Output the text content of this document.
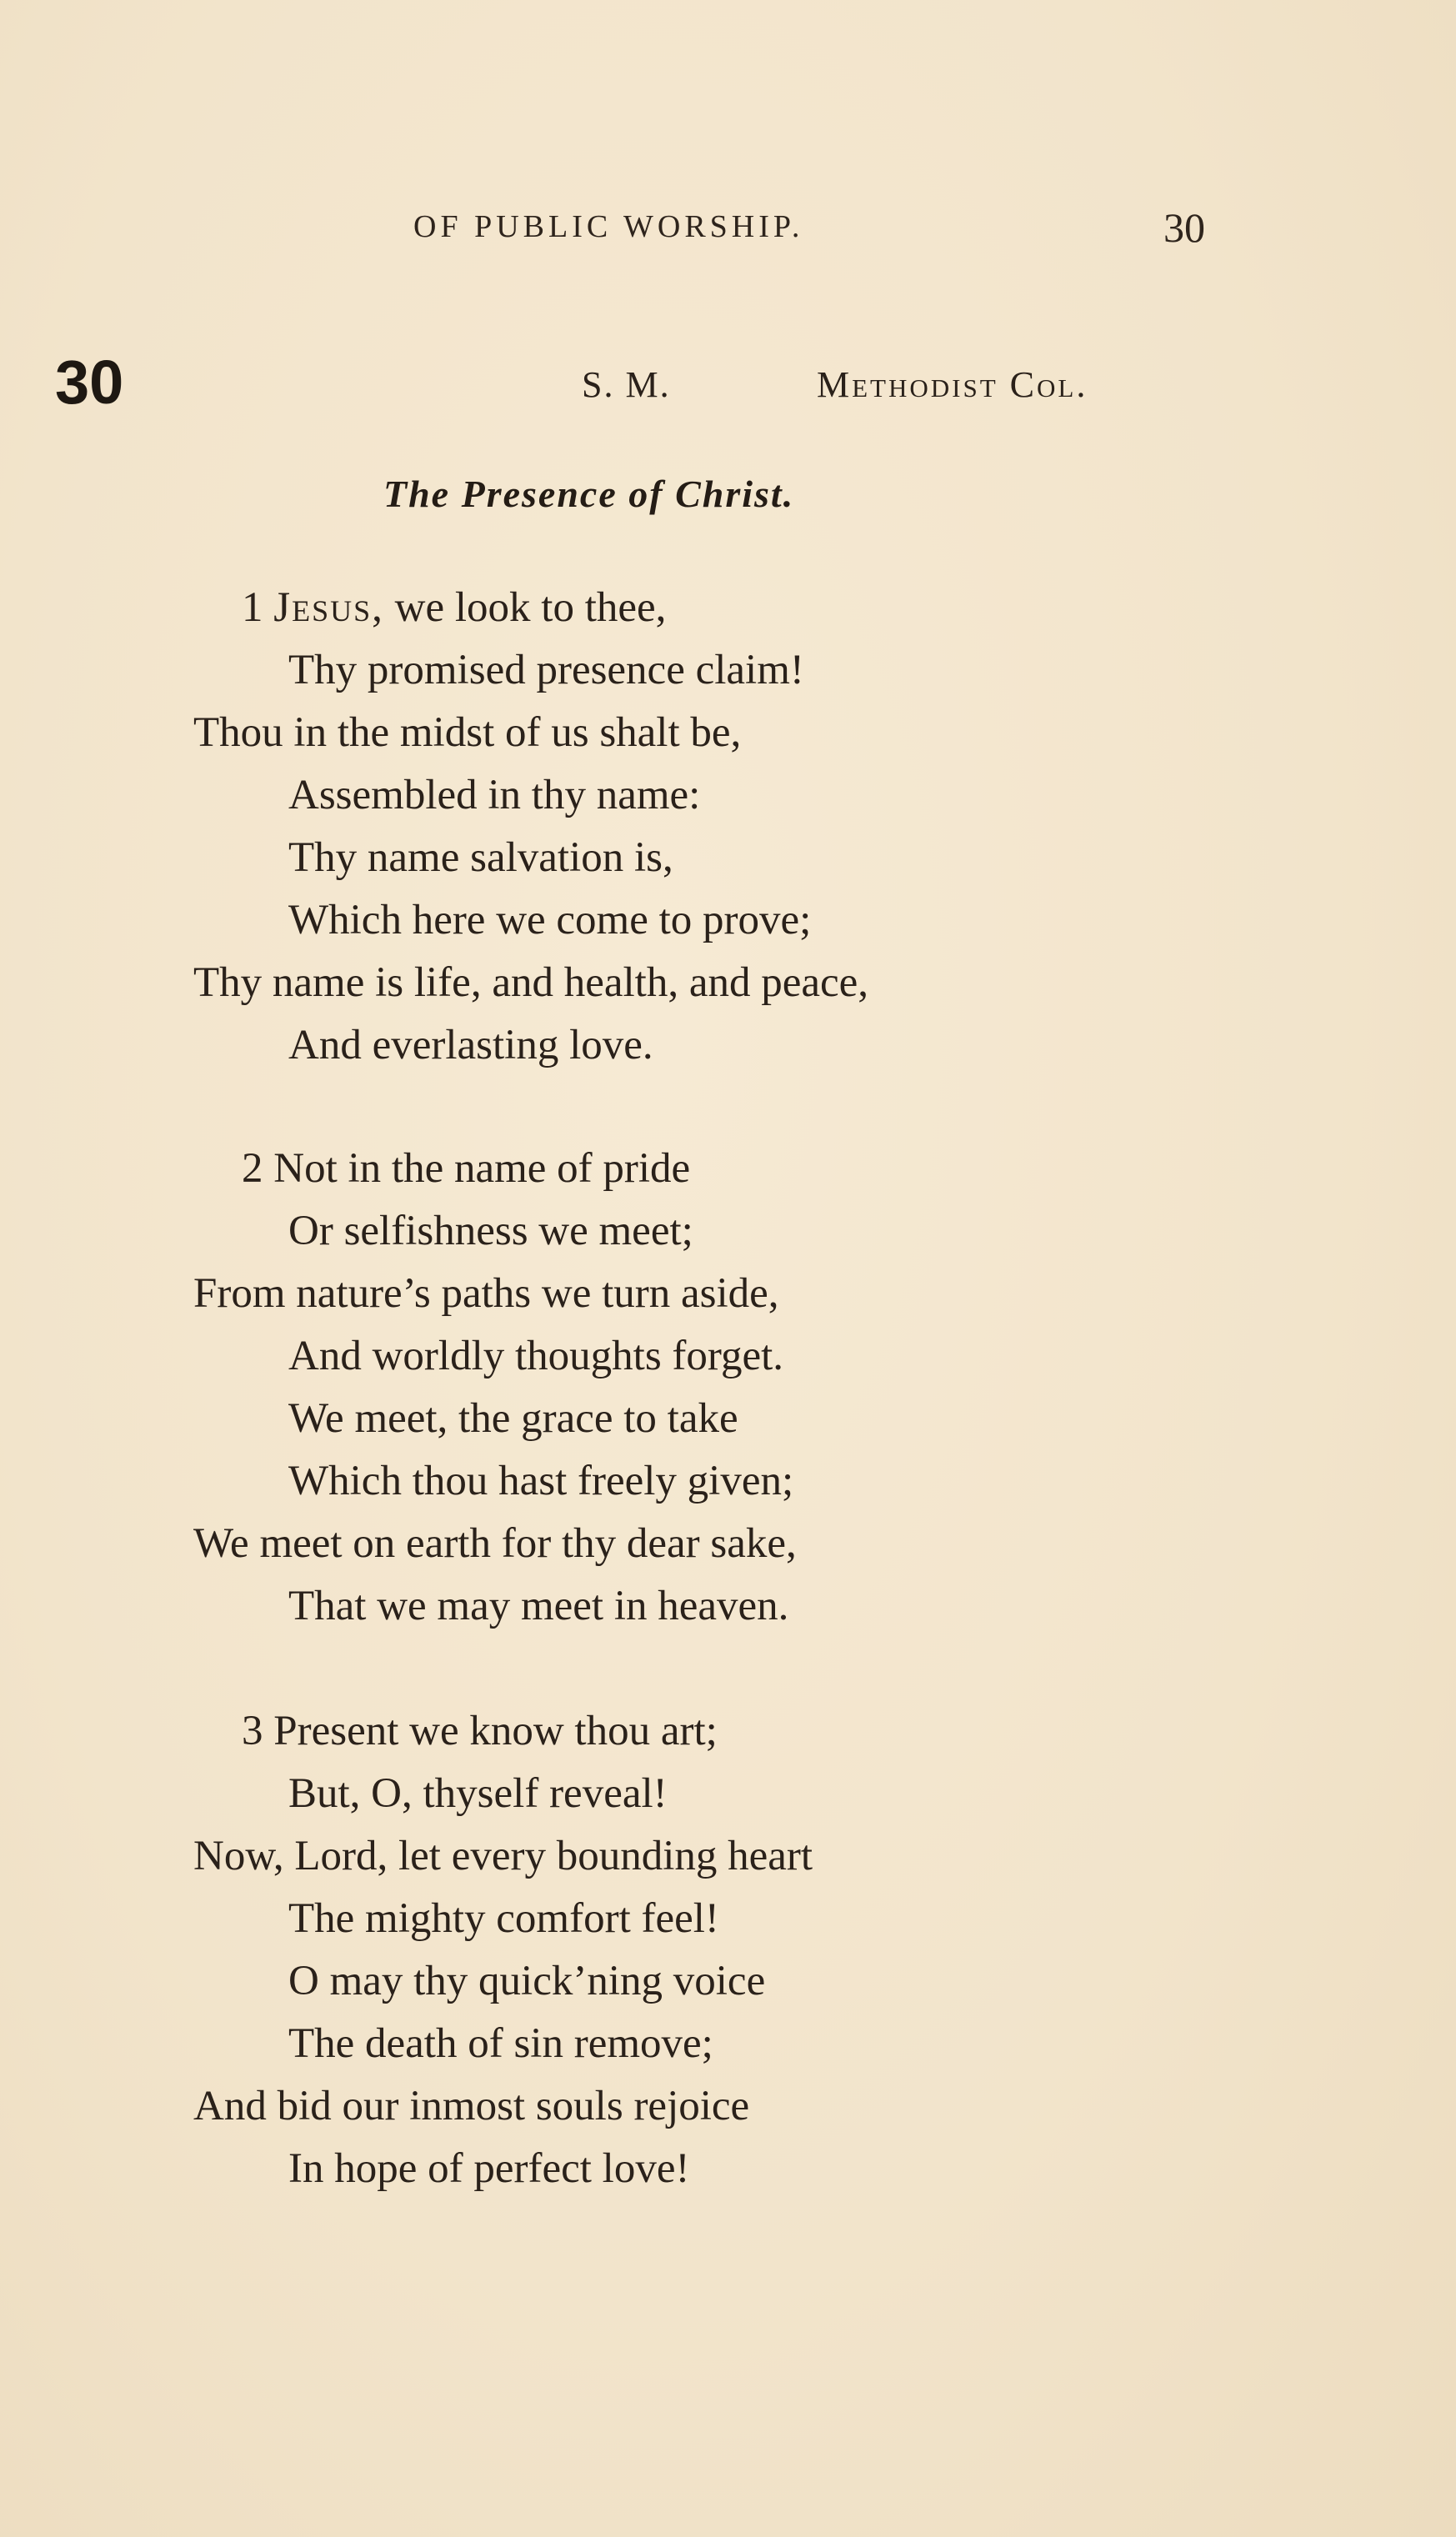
OF PUBLIC WORSHIP.	30
30	S. M.	Methodist Col.
The Presence of Christ.
1 Jesus, we look to thee,
Thy promised presence claim!
Thou in the midst of us shalt be,
Assembled in thy name:
Thy name salvation is,
Which here we come to prove;
Thy name is life, and health, and peace,
And everlasting love.
2 Not in the name of pride
Or selfishness we meet;
From nature’s paths we turn aside,
And worldly thoughts forget.
We meet, the grace to take
Which thou hast freely given;
We meet on earth for thy dear sake,
That we may meet in heaven.
3 Present we know thou art;
But, O, thyself reveal!
Now, Lord, let every bounding heart
The mighty comfort feel!
O may thy quick’ning voice
The death of sin remove;
And bid our inmost souls rejoice
In hope of perfect love!
